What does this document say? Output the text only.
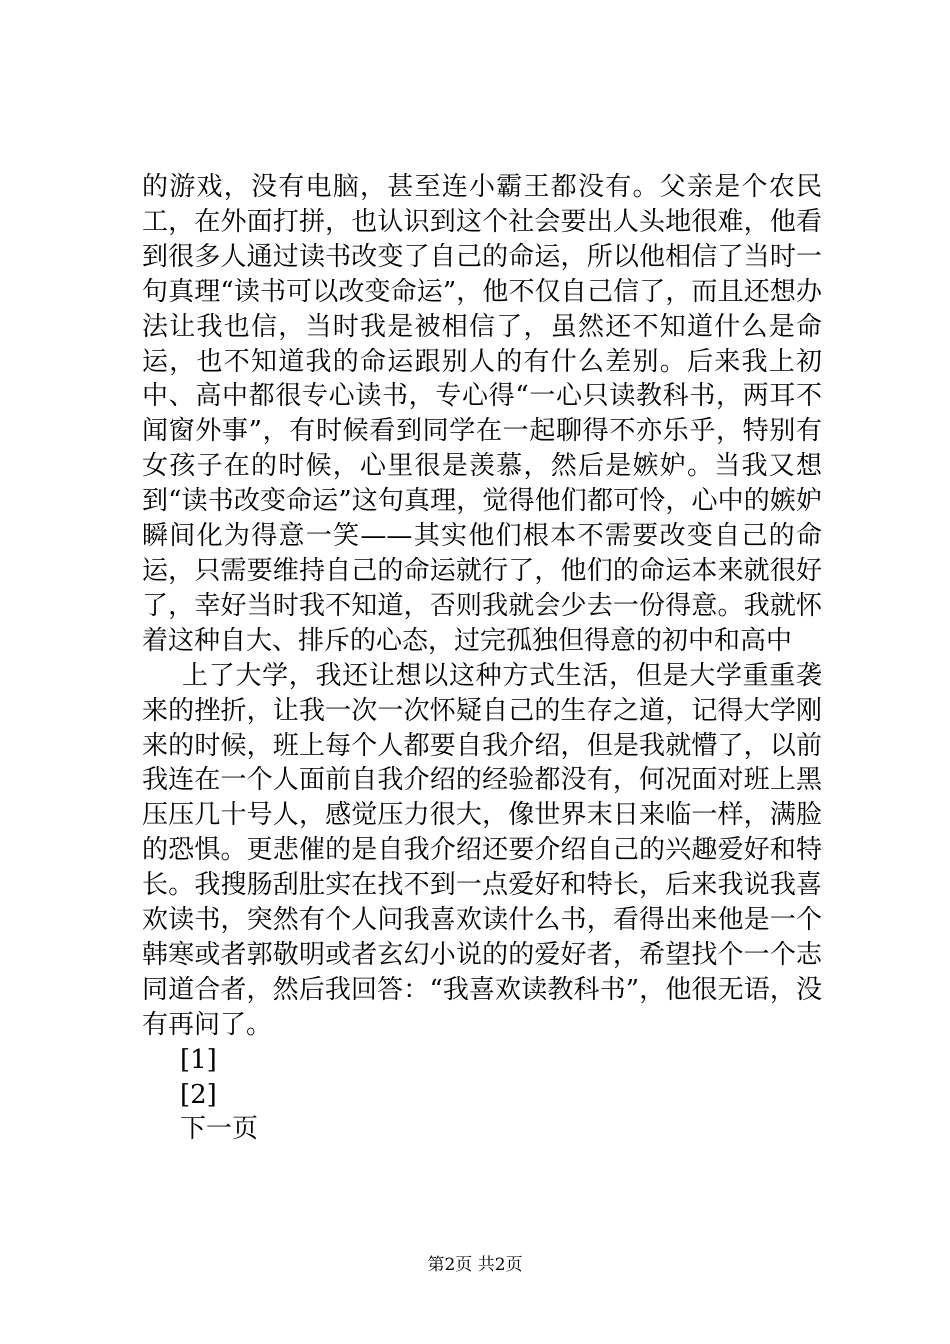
的游戏，没有电脑，甚至连小霸王都没有。父亲是个农民工，在外面打拼，也认识到这个社会要出人头地很难，他看到很多人通过读书改变了自己的命运，所以他相信了当时一句真理“读书可以改变命运”，他不仅自己信了，而且还想办法让我也信，当时我是被相信了，虽然还不知道什么是命运，也不知道我的命运跟别人的有什么差别。后来我上初中、高中都很专心读书，专心得“一心只读教科书，两耳不闻窗外事”，有时候看到同学在一起聊得不亦乐乎，特别有女孩子在的时候，心里很是羡慕，然后是嫉妒。当我又想到“读书改变命运”这句真理，觉得他们都可怜，心中的嫉妒瞬间化为得意一笑——其实他们根本不需要改变自己的命运，只需要维持自己的命运就行了，他们的命运本来就很好了，幸好当时我不知道，否则我就会少去一份得意。我就怀着这种自大、排斥的心态，过完孤独但得意的初中和高中

上了大学，我还让想以这种方式生活，但是大学重重袭来的挫折，让我一次一次怀疑自己的生存之道，记得大学刚来的时候，班上每个人都要自我介绍，但是我就懵了，以前我连在一个人面前自我介绍的经验都没有，何况面对班上黑压压几十号人，感觉压力很大，像世界末日来临一样，满脸的恐惧。更悲催的是自我介绍还要介绍自己的兴趣爱好和特长。我搜肠刮肚实在找不到一点爱好和特长，后来我说我喜欢读书，突然有个人问我喜欢读什么书，看得出来他是一个韩寒或者郭敬明或者玄幻小说的的爱好者，希望找个一个志同道合者，然后我回答：“我喜欢读教科书”，他很无语，没有再问了。

[1]
[2]
下一页
第2页 共2页
